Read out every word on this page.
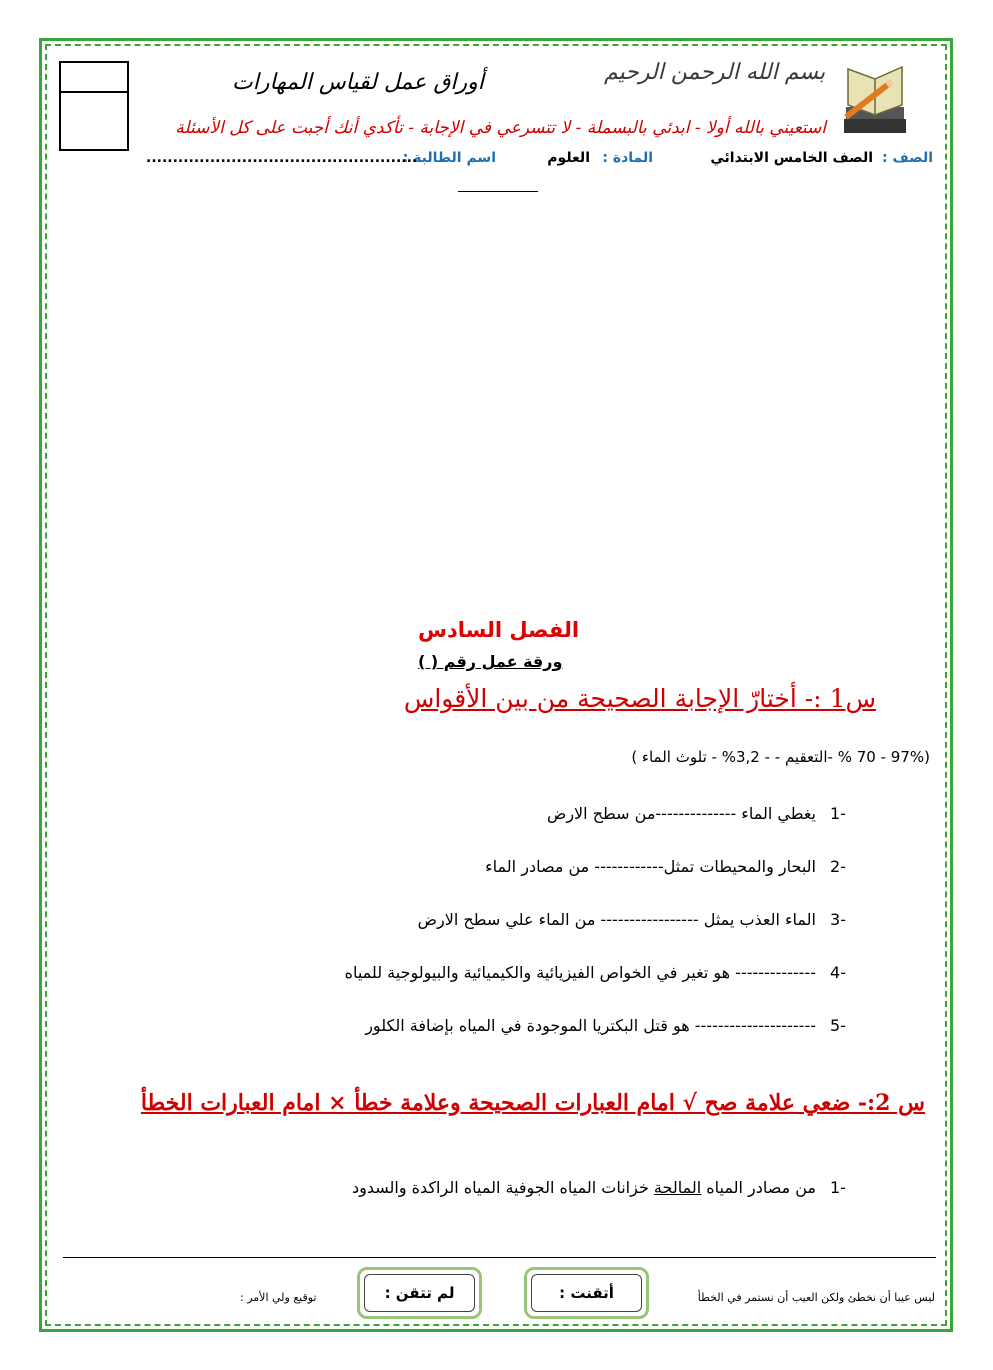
أوراق عمل لقياس المهارات	بسم الله الرحمن الرحيم
استعيني بالله أولا - ابدئي بالبسملة - لا تتسرعي في الإجابة - تأكدي أنك أجبت على كل الأسئلة
الصف :
الصف الخامس الابتدائي
المادة :
العلوم
اسم الطالبة :
...................................................
الفصل السادس
ورقة عمل رقم ( )
س1 :- أختارّ الإجابة الصحيحة من بين الأقواس
(97% - 70 % -التعقيم - - 3,2% - تلوث الماء )
-1
يغطي الماء --------------من سطح الارض
-2
البحار والمحيطات تمثل------------ من مصادر الماء
-3
الماء العذب يمثل ----------------- من الماء علي سطح الارض
-4
-------------- هو تغير في الخواص الفيزيائية والكيميائية والبيولوجية للمياه
-5
--------------------- هو قتل البكتريا الموجودة في المياه بإضافة الكلور
س 2:- ضعي علامة صح √ امام العبارات الصحيحة وعلامة خطأ × امام العبارات الخطأ
-1
من مصادر المياه المالحة خزانات المياه الجوفية المياه الراكدة والسدود
أتقنت :
لم تتقن :	ليس عيبا أن نخطئ ولكن العيب أن نستمر في الخطأ
توقيع ولي الأمر :
